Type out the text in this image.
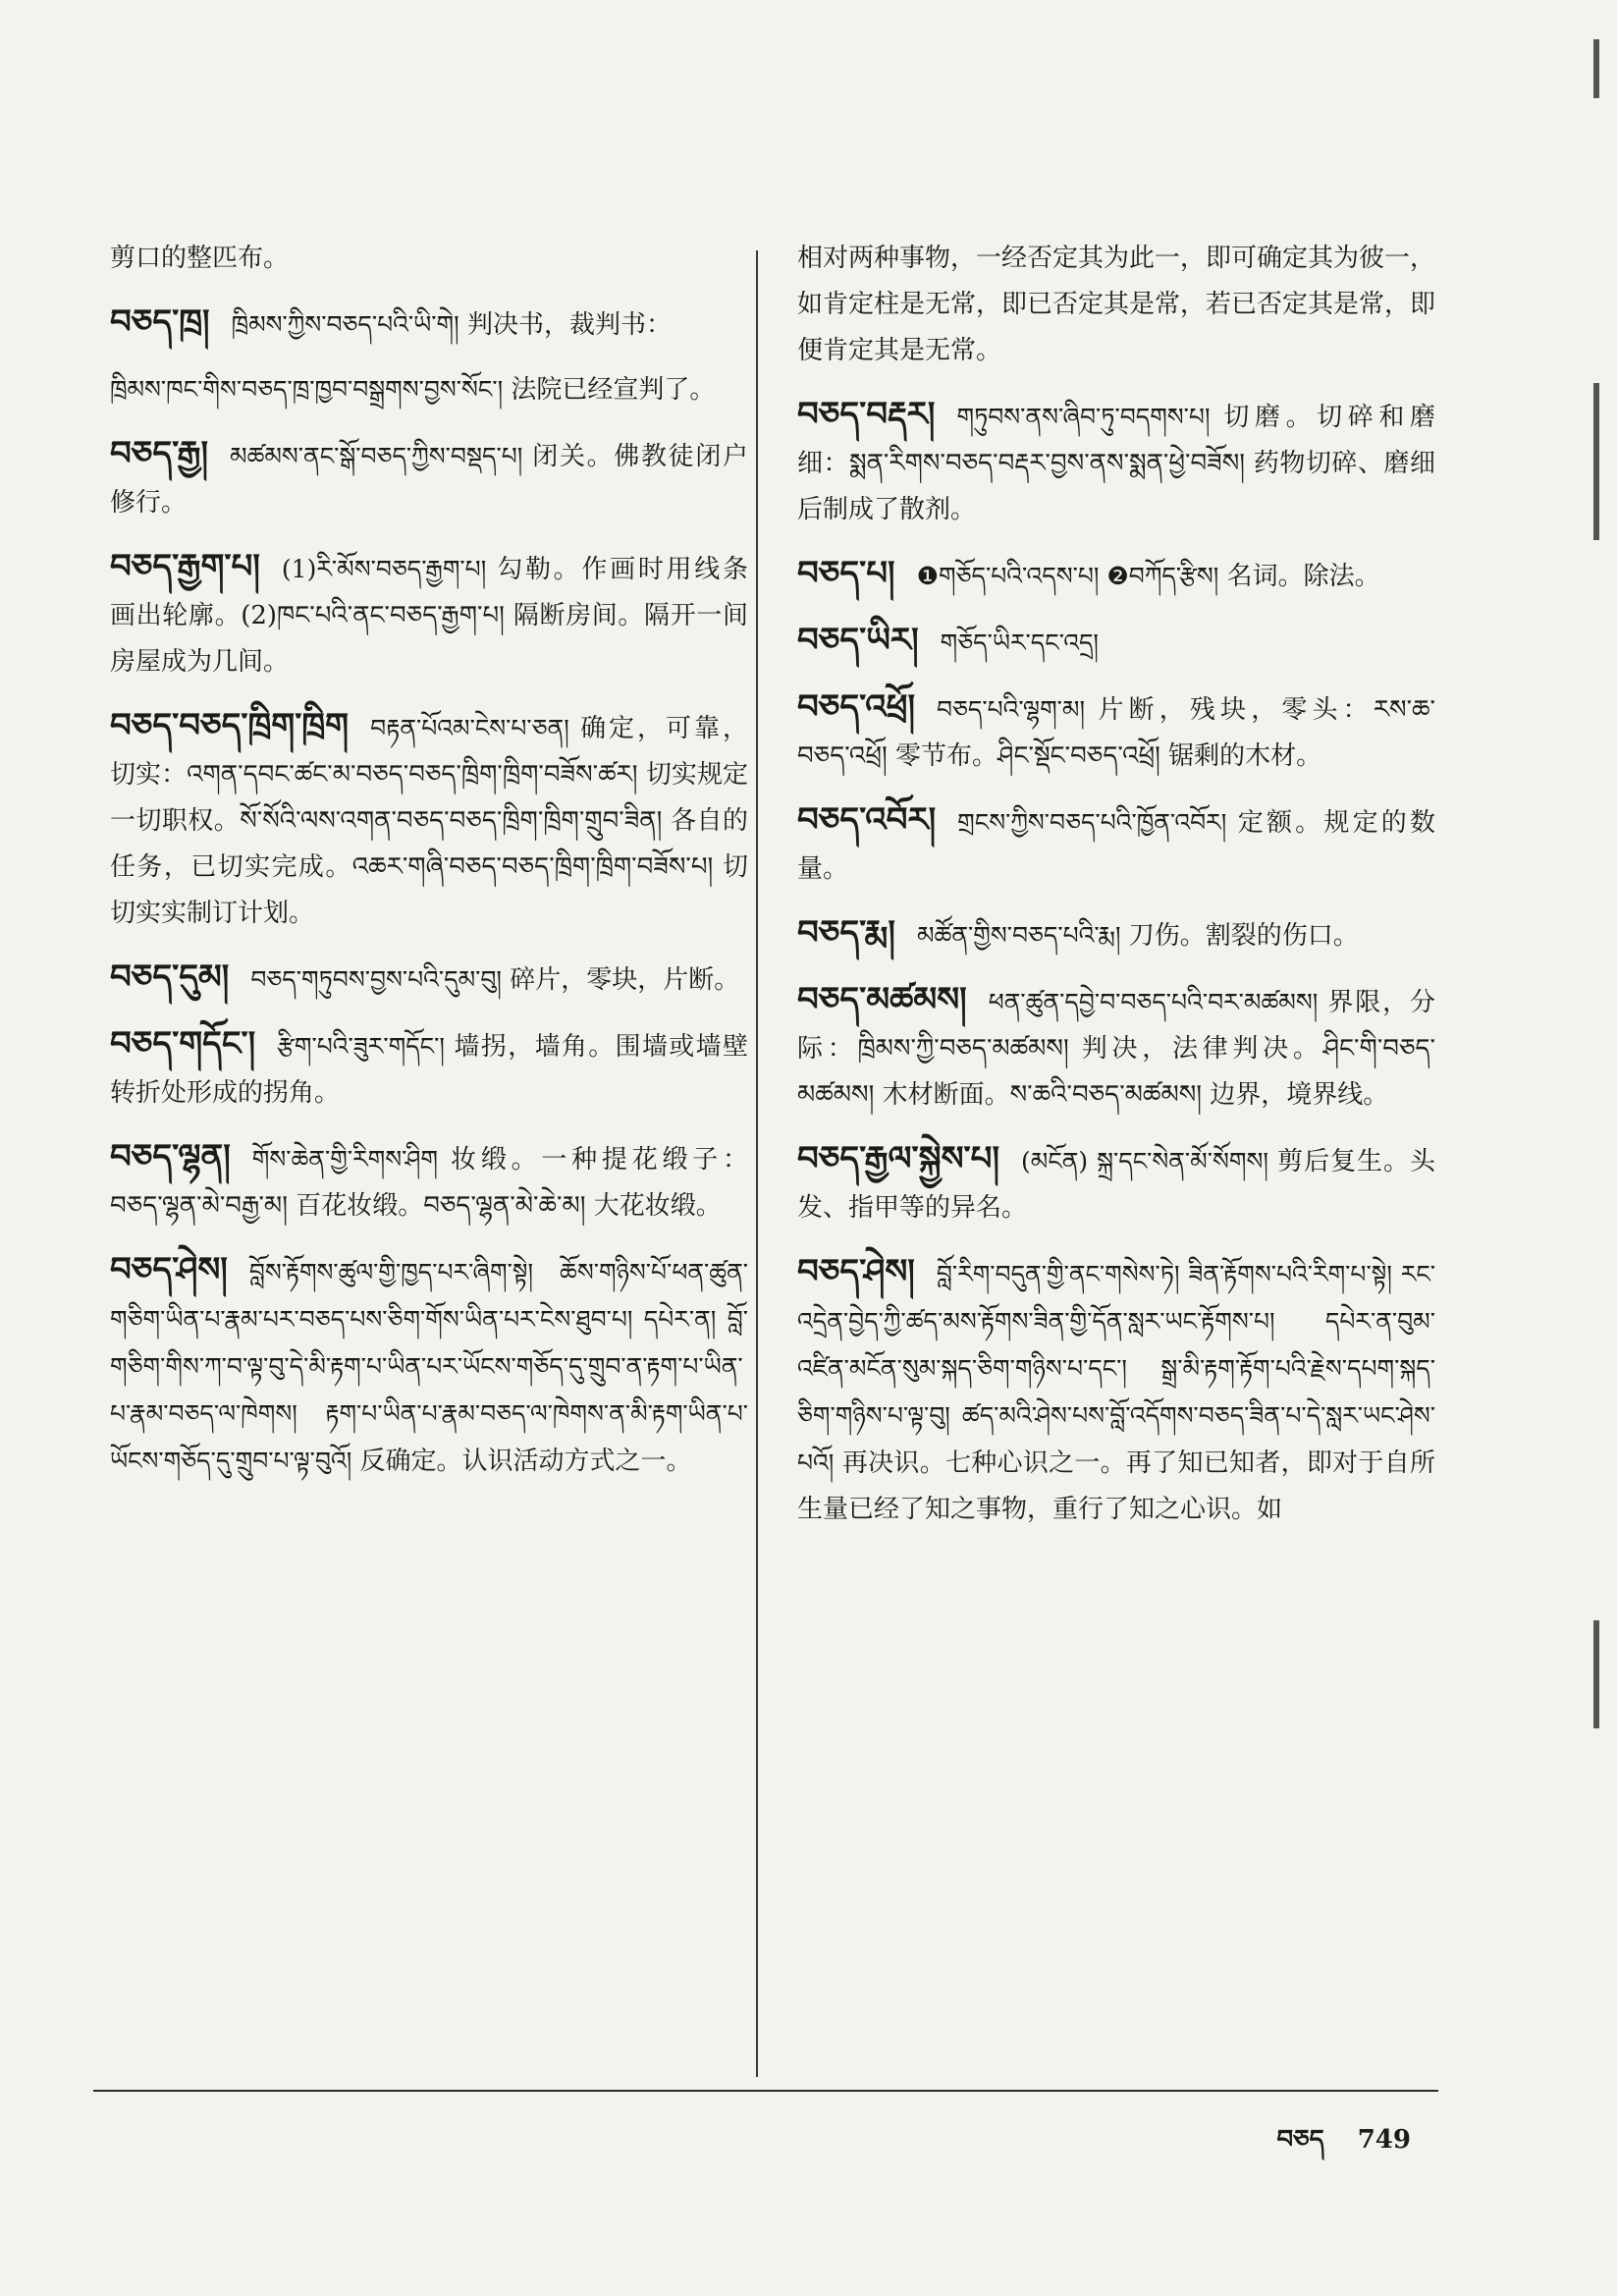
剪口的整匹布。

བཅད་ཁྲ། ཁྲིམས་ཀྱིས་བཅད་པའི་ཡི་གེ། 判决书，裁判书：

ཁྲིམས་ཁང་གིས་བཅད་ཁྲ་ཁྱབ་བསྒྲགས་བྱས་སོང་། 法院已经宣判了。

བཅད་རྒྱ། མཚམས་ནང་སྒོ་བཅད་ཀྱིས་བསྡད་པ། 闭关。佛教徒闭户修行。

བཅད་རྒྱག་པ། (1)རི་མོས་བཅད་རྒྱག་པ། 勾勒。作画时用线条画出轮廓。(2)ཁང་པའི་ནང་བཅད་རྒྱག་པ། 隔断房间。隔开一间房屋成为几间。

བཅད་བཅད་ཁྲིག་ཁྲིག བརྟན་པོའམ་ངེས་པ་ཅན། 确定，可靠，切实：འགན་དབང་ཚང་མ་བཅད་བཅད་ཁྲིག་ཁྲིག་བཟོས་ཚར། 切实规定一切职权。སོ་སོའི་ལས་འགན་བཅད་བཅད་ཁྲིག་ཁྲིག་གྲུབ་ཟིན། 各自的任务，已切实完成。འཆར་གཞི་བཅད་བཅད་ཁྲིག་ཁྲིག་བཟོས་པ། 切切实实制订计划。

བཅད་དུམ། བཅད་གཏུབས་བྱས་པའི་དུམ་བུ། 碎片，零块，片断。

བཅད་གདོང་། རྩིག་པའི་ཟུར་གདོང་། 墙拐，墙角。围墙或墙壁转折处形成的拐角。

བཅད་ལྷན། གོས་ཆེན་གྱི་རིགས་ཤིག 妆缎。一种提花缎子：བཅད་ལྷན་མེ་བརྒྱ་མ། 百花妆缎。བཅད་ལྷན་མེ་ཆེ་མ། 大花妆缎。

བཅད་ཤེས། བློས་རྟོགས་ཚུལ་གྱི་ཁྱད་པར་ཞིག་སྟེ། ཆོས་གཉིས་པོ་ཕན་ཚུན་གཅིག་ཡིན་པ་རྣམ་པར་བཅད་པས་ཅིག་གོས་ཡིན་པར་ངེས་ཐུབ་པ། དཔེར་ན། བློ་གཅིག་གིས་ཀ་བ་ལྟ་བུ་དེ་མི་རྟག་པ་ཡིན་པར་ཡོངས་གཅོད་དུ་གྲུབ་ན་རྟག་པ་ཡིན་པ་རྣམ་བཅད་ལ་ཁེགས། རྟག་པ་ཡིན་པ་རྣམ་བཅད་ལ་ཁེགས་ན་མི་རྟག་ཡིན་པ་ཡོངས་གཅོད་དུ་གྲུབ་པ་ལྟ་བུའོ། 反确定。认识活动方式之一。

相对两种事物，一经否定其为此一，即可确定其为彼一，如肯定柱是无常，即已否定其是常，若已否定其是常，即便肯定其是无常。

བཅད་བརྡར། གཏུབས་ནས་ཞིབ་ཏུ་བདགས་པ། 切磨。切碎和磨细：སྨན་རིགས་བཅད་བརྡར་བྱས་ནས་སྨན་ཕྱེ་བཟོས། 药物切碎、磨细后制成了散剂。

བཅད་པ། ❶གཅོད་པའི་འདས་པ། ❷བཀོད་རྩིས། 名词。除法。

བཅད་ཡིར། གཅོད་ཡིར་དང་འདྲ།

བཅད་འཕྲོ། བཅད་པའི་ལྷག་མ། 片断，残块，零头：རས་ཆ་བཅད་འཕྲོ། 零节布。ཤིང་སྡོང་བཅད་འཕྲོ། 锯剩的木材。

བཅད་འབོར། གྲངས་ཀྱིས་བཅད་པའི་ཁྱོན་འབོར། 定额。规定的数量。

བཅད་རྨ། མཚོན་གྱིས་བཅད་པའི་རྨ། 刀伤。割裂的伤口。

བཅད་མཚམས། ཕན་ཚུན་དབྱེ་བ་བཅད་པའི་བར་མཚམས། 界限，分际：ཁྲིམས་ཀྱི་བཅད་མཚམས། 判决，法律判决。ཤིང་གི་བཅད་མཚམས། 木材断面。ས་ཆའི་བཅད་མཚམས། 边界，境界线。

བཅད་རྒྱལ་སྐྱེས་པ། (མངོན) སྐྲ་དང་སེན་མོ་སོགས། 剪后复生。头发、指甲等的异名。

བཅད་ཤེས། བློ་རིག་བདུན་གྱི་ནང་གསེས་ཏེ། ཟིན་རྟོགས་པའི་རིག་པ་སྟེ། རང་འདྲེན་བྱེད་ཀྱི་ཚད་མས་རྟོགས་ཟིན་གྱི་དོན་སླར་ཡང་རྟོགས་པ། དཔེར་ན་བུམ་འཛིན་མངོན་སུམ་སྐད་ཅིག་གཉིས་པ་དང་། སྒྲ་མི་རྟག་རྟོག་པའི་རྗེས་དཔག་སྐད་ཅིག་གཉིས་པ་ལྟ་བུ། ཚད་མའི་ཤེས་པས་བློ་འདོགས་བཅད་ཟིན་པ་དེ་སླར་ཡང་ཤེས་པའོ། 再决识。七种心识之一。再了知已知者，即对于自所生量已经了知之事物，重行了知之心识。如

བཅད 749
